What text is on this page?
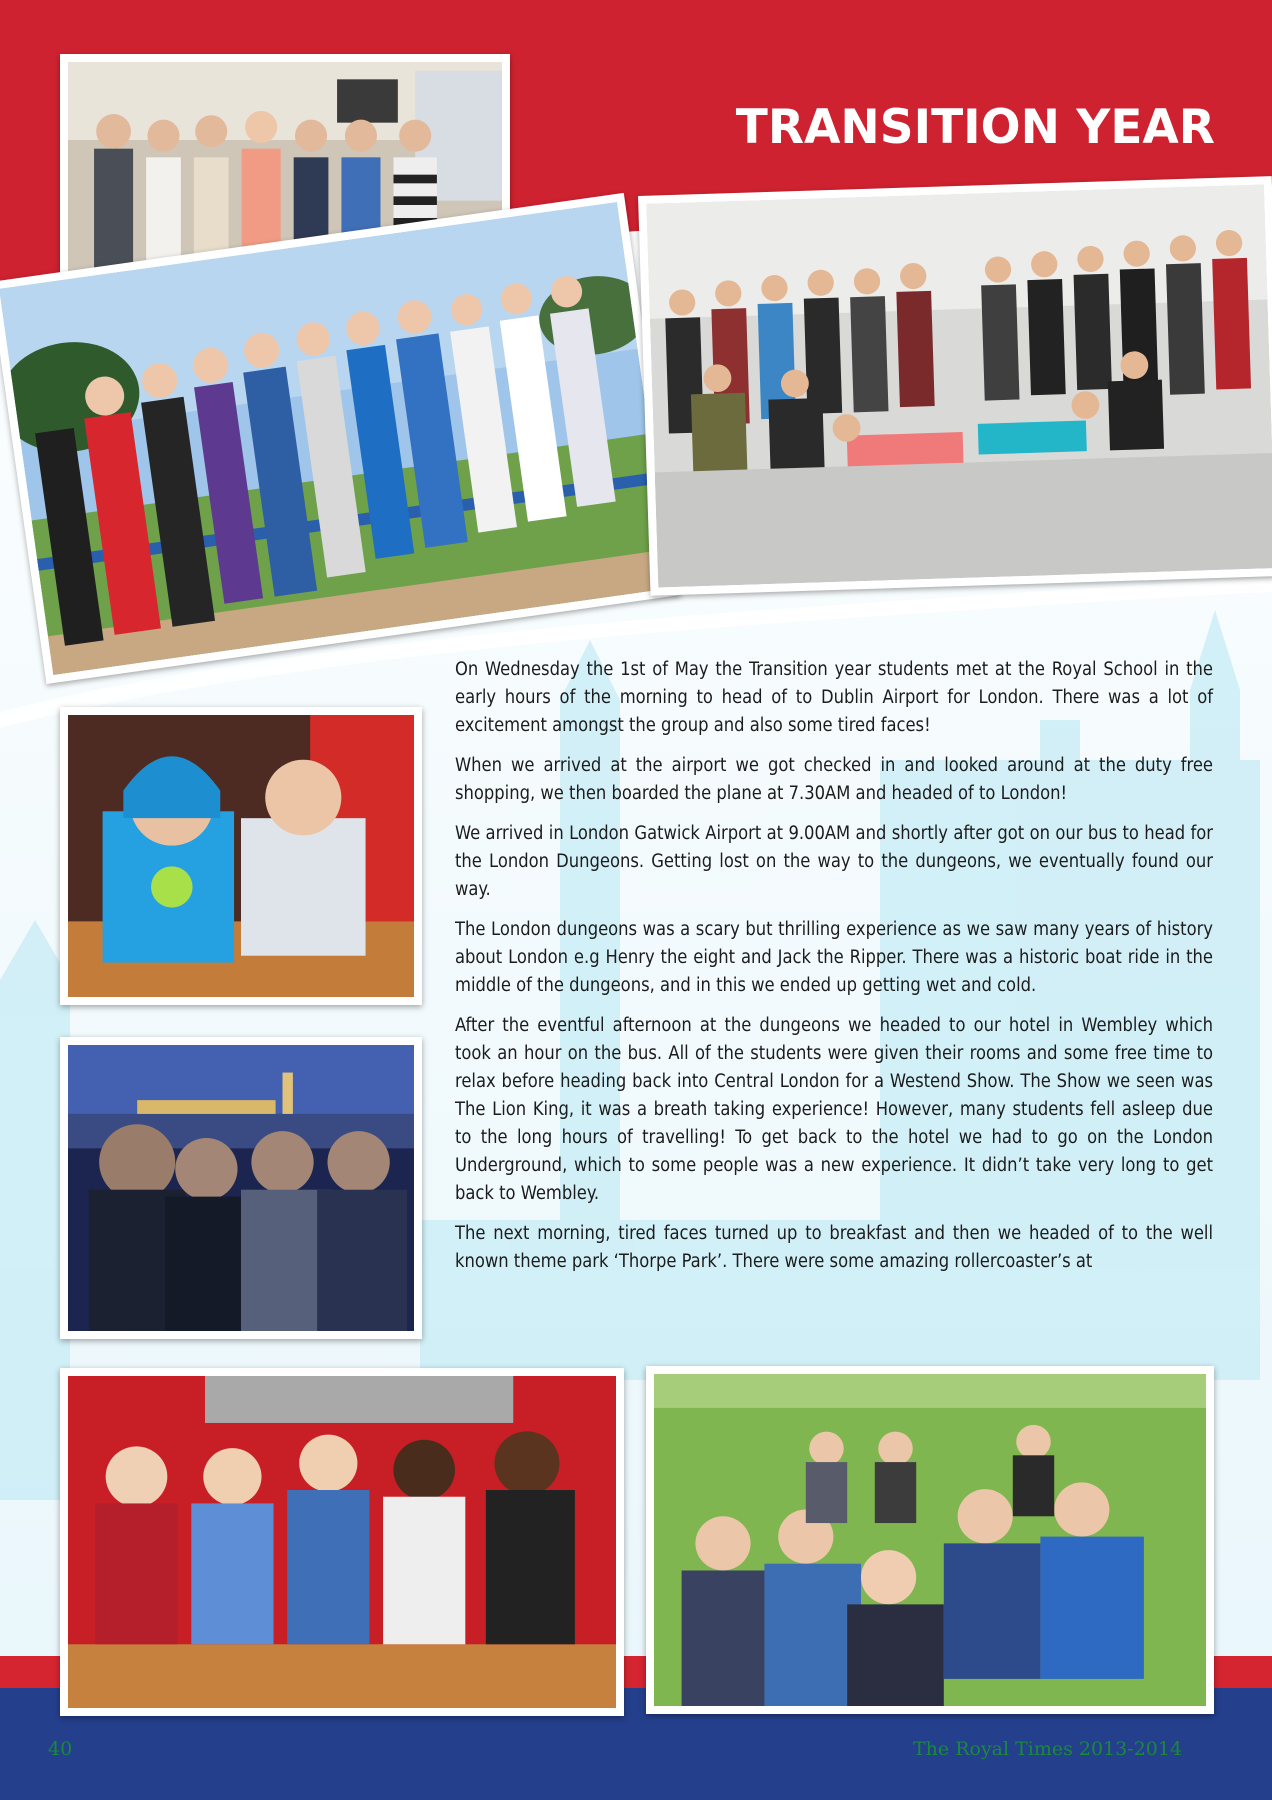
TRANSITION YEAR

On Wednesday the 1st of May the Transition year students met at the Royal School in the early hours of the morning to head of to Dublin Airport for London. There was a lot of excitement amongst the group and also some tired faces!

When we arrived at the airport we got checked in and looked around at the duty free shopping, we then boarded the plane at 7.30AM and headed of to London!

We arrived in London Gatwick Airport at 9.00AM and shortly after got on our bus to head for the London Dungeons. Getting lost on the way to the dungeons, we eventually found our way.

The London dungeons was a scary but thrilling experience as we saw many years of history about London e.g Henry the eight and Jack the Ripper. There was a historic boat ride in the middle of the dungeons, and in this we ended up getting wet and cold.

After the eventful afternoon at the dungeons we headed to our hotel in Wembley which took an hour on the bus. All of the students were given their rooms and some free time to relax before heading back into Central London for a Westend Show. The Show we seen was The Lion King, it was a breath taking experience! However, many students fell asleep due to the long hours of travelling! To get back to the hotel we had to go on the London Underground, which to some people was a new experience. It didn’t take very long to get back to Wembley.

The next morning, tired faces turned up to breakfast and then we headed of to the well known theme park ‘Thorpe Park’. There were some amazing rollercoaster’s at

40	The Royal Times 2013-2014
